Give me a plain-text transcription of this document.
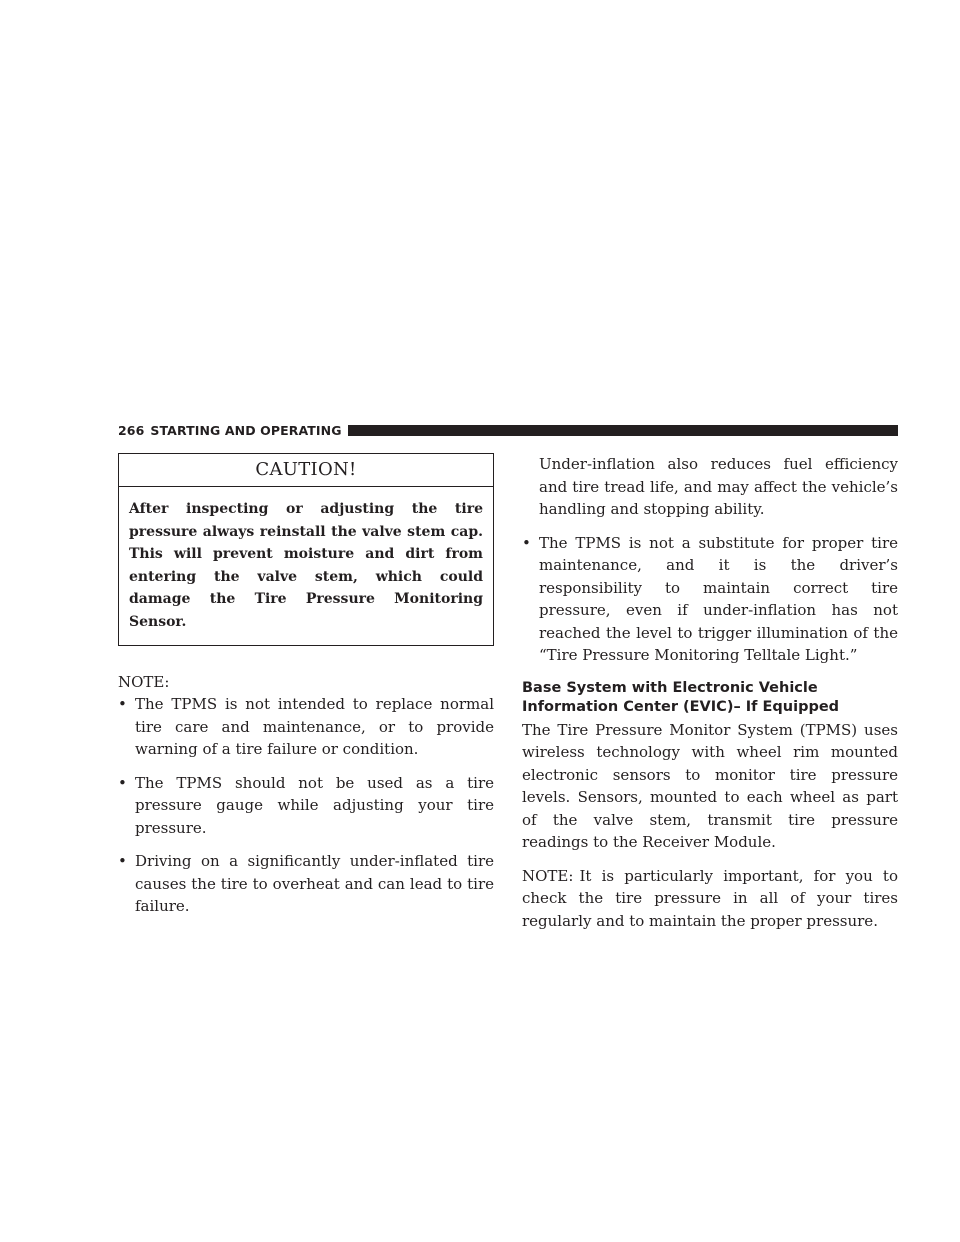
266 STARTING AND OPERATING
CAUTION!
After inspecting or adjusting the tire pressure always reinstall the valve stem cap. This will prevent moisture and dirt from entering the valve stem, which could damage the Tire Pressure Monitoring Sensor.
NOTE:
• The TPMS is not intended to replace normal tire care and maintenance, or to provide warning of a tire failure or condition.
• The TPMS should not be used as a tire pressure gauge while adjusting your tire pressure.
• Driving on a significantly under-inflated tire causes the tire to overheat and can lead to tire failure.
Under-inflation also reduces fuel efficiency and tire tread life, and may affect the vehicle’s handling and stopping ability.
• The TPMS is not a substitute for proper tire maintenance, and it is the driver’s responsibility to maintain correct tire pressure, even if under-inflation has not reached the level to trigger illumination of the “Tire Pressure Monitoring Telltale Light.”
Base System with Electronic Vehicle Information Center (EVIC)– If Equipped

The Tire Pressure Monitor System (TPMS) uses wireless technology with wheel rim mounted electronic sensors to monitor tire pressure levels. Sensors, mounted to each wheel as part of the valve stem, transmit tire pressure readings to the Receiver Module.

NOTE: It is particularly important, for you to check the tire pressure in all of your tires regularly and to maintain the proper pressure.
